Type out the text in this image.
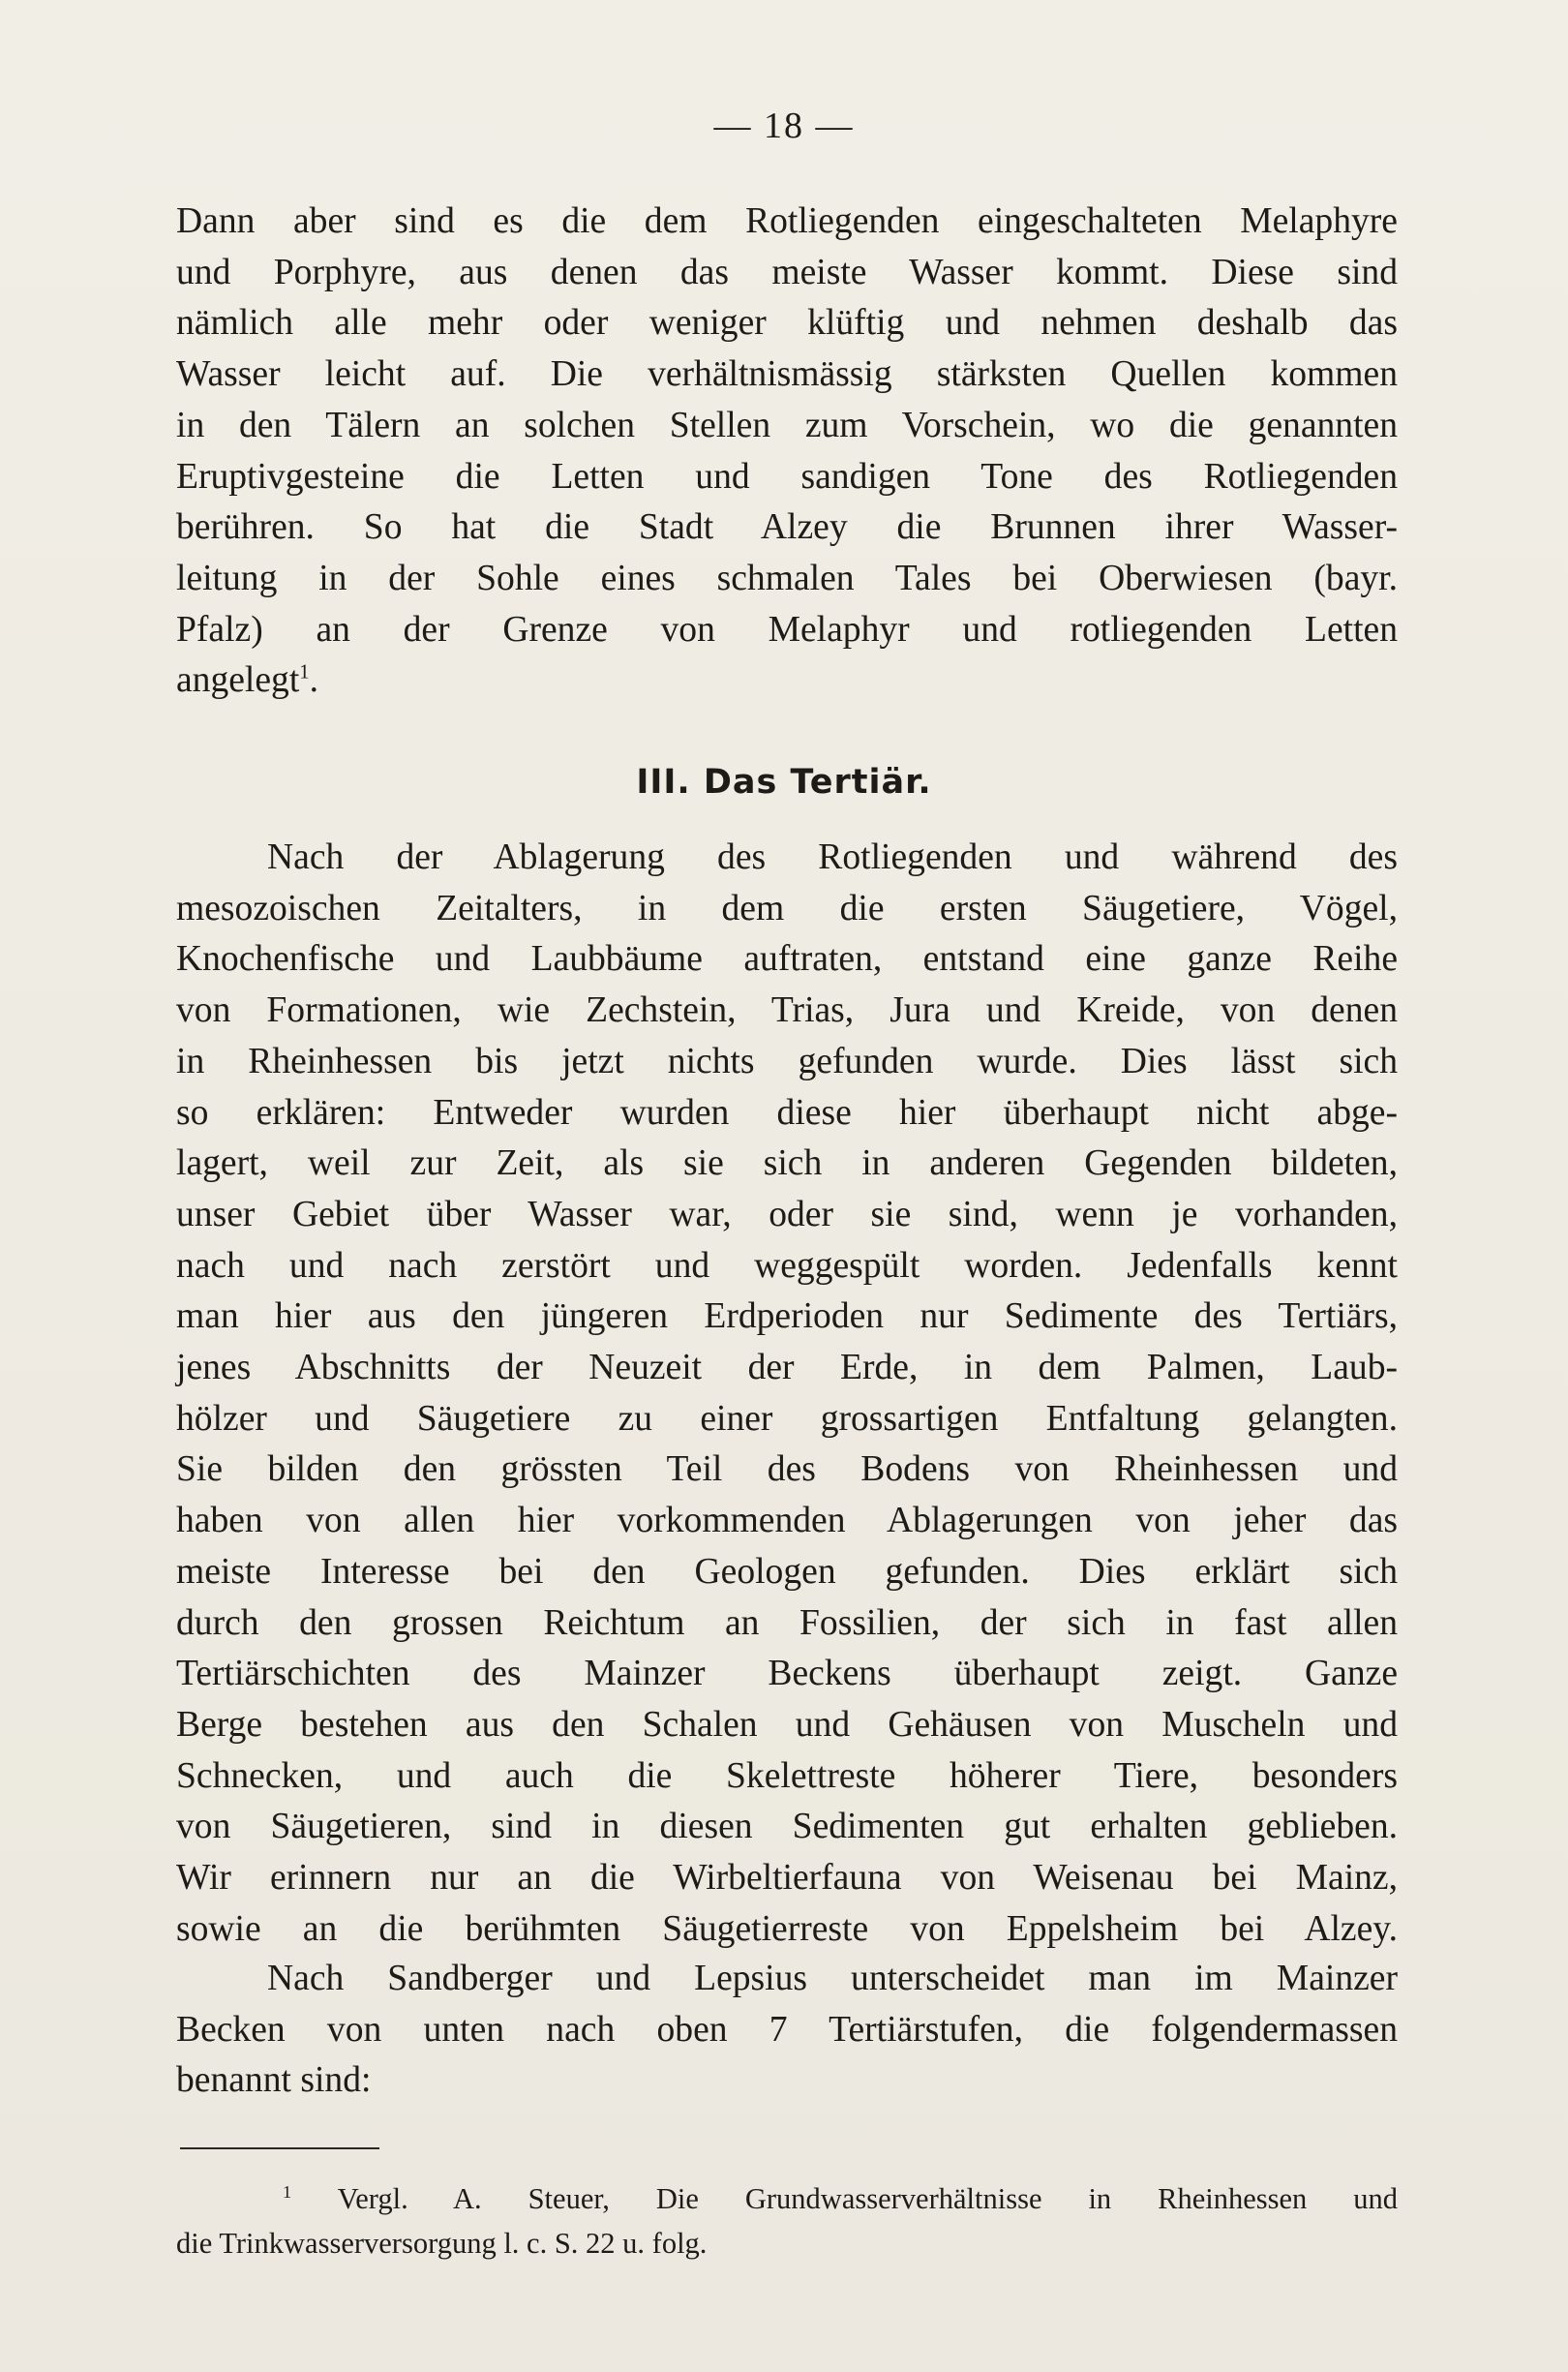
— 18 —

Dann aber sind es die dem Rotliegenden eingeschalteten Melaphyre

und Porphyre, aus denen das meiste Wasser kommt. Diese sind

nämlich alle mehr oder weniger klüftig und nehmen deshalb das

Wasser leicht auf. Die verhältnismässig stärksten Quellen kommen

in den Tälern an solchen Stellen zum Vorschein, wo die genannten

Eruptivgesteine die Letten und sandigen Tone des Rotliegenden

berühren. So hat die Stadt Alzey die Brunnen ihrer Wasser-

leitung in der Sohle eines schmalen Tales bei Oberwiesen (bayr.

Pfalz) an der Grenze von Melaphyr und rotliegenden Letten

angelegt$^1$.

III. Das Tertiär.

Nach der Ablagerung des Rotliegenden und während des

mesozoischen Zeitalters, in dem die ersten Säugetiere, Vögel,

Knochenfische und Laubbäume auftraten, entstand eine ganze Reihe

von Formationen, wie Zechstein, Trias, Jura und Kreide, von denen

in Rheinhessen bis jetzt nichts gefunden wurde. Dies lässt sich

so erklären: Entweder wurden diese hier überhaupt nicht abge-

lagert, weil zur Zeit, als sie sich in anderen Gegenden bildeten,

unser Gebiet über Wasser war, oder sie sind, wenn je vorhanden,

nach und nach zerstört und weggespült worden. Jedenfalls kennt

man hier aus den jüngeren Erdperioden nur Sedimente des Tertiärs,

jenes Abschnitts der Neuzeit der Erde, in dem Palmen, Laub-

hölzer und Säugetiere zu einer grossartigen Entfaltung gelangten.

Sie bilden den grössten Teil des Bodens von Rheinhessen und

haben von allen hier vorkommenden Ablagerungen von jeher das

meiste Interesse bei den Geologen gefunden. Dies erklärt sich

durch den grossen Reichtum an Fossilien, der sich in fast allen

Tertiärschichten des Mainzer Beckens überhaupt zeigt. Ganze

Berge bestehen aus den Schalen und Gehäusen von Muscheln und

Schnecken, und auch die Skelettreste höherer Tiere, besonders

von Säugetieren, sind in diesen Sedimenten gut erhalten geblieben.

Wir erinnern nur an die Wirbeltierfauna von Weisenau bei Mainz,

sowie an die berühmten Säugetierreste von Eppelsheim bei Alzey.

Nach Sandberger und Lepsius unterscheidet man im Mainzer

Becken von unten nach oben 7 Tertiärstufen, die folgendermassen

benannt sind:

$^1$ Vergl. A. Steuer, Die Grundwasserverhältnisse in Rheinhessen und

die Trinkwasserversorgung l. c. S. 22 u. folg.
